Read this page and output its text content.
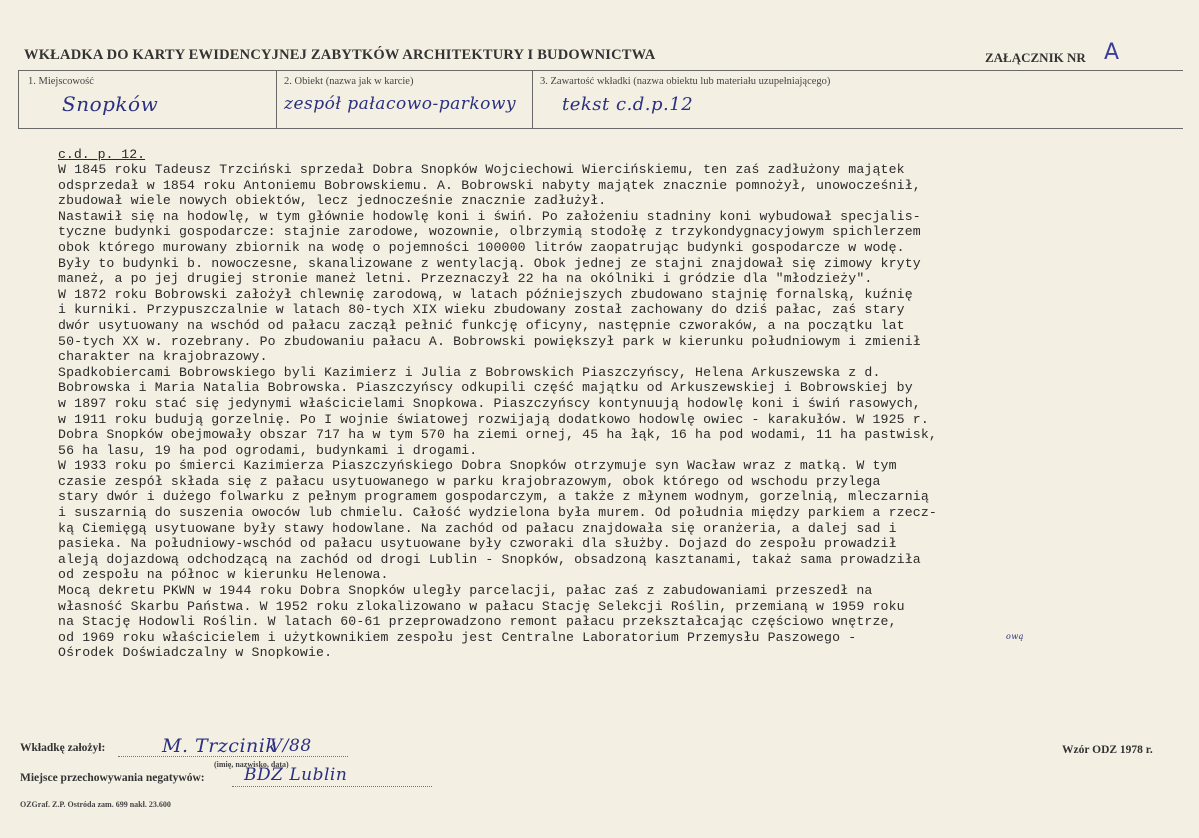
WKŁADKA DO KARTY EWIDENCYJNEJ ZABYTKÓW ARCHITEKTURY I BUDOWNICTWA	ZAŁĄCZNIK NR A
1. Miejscowość
Snopków
2. Obiekt (nazwa jak w karcie)
zespół pałacowo-parkowy
3. Zawartość wkładki (nazwa obiektu lub materiału uzupełniającego)
tekst c.d.p.12
c.d. p. 12.
W 1845 roku Tadeusz Trzciński sprzedał Dobra Snopków Wojciechowi Wiercińskiemu, ten zaś zadłużony majątek
odsprzedał w 1854 roku Antoniemu Bobrowskiemu. A. Bobrowski nabyty majątek znacznie pomnożył, unowocześnił,
zbudował wiele nowych obiektów, lecz jednocześnie znacznie zadłużył.
Nastawił się na hodowlę, w tym głównie hodowlę koni i świń. Po założeniu stadniny koni wybudował specjalis-
tyczne budynki gospodarcze: stajnie zarodowe, wozownie, olbrzymią stodołę z trzykondygnacyjowym spichlerzem
obok którego murowany zbiornik na wodę o pojemności 100000 litrów zaopatrując budynki gospodarcze w wodę.
Były to budynki b. nowoczesne, skanalizowane z wentylacją. Obok jednej ze stajni znajdował się zimowy kryty
maneż, a po jej drugiej stronie maneż letni. Przeznaczył 22 ha na okólniki i gródzie dla "młodzieży".
W 1872 roku Bobrowski założył chlewnię zarodową, w latach późniejszych zbudowano stajnię fornalską, kuźnię
i kurniki. Przypuszczalnie w latach 80-tych XIX wieku zbudowany został zachowany do dziś pałac, zaś stary
dwór usytuowany na wschód od pałacu zaczął pełnić funkcję oficyny, następnie czworaków, a na początku lat
50-tych XX w. rozebrany. Po zbudowaniu pałacu A. Bobrowski powiększył park w kierunku południowym i zmienił
charakter na krajobrazowy.
Spadkobiercami Bobrowskiego byli Kazimierz i Julia z Bobrowskich Piaszczyńscy, Helena Arkuszewska z d.
Bobrowska i Maria Natalia Bobrowska. Piaszczyńscy odkupili część majątku od Arkuszewskiej i Bobrowskiej by
w 1897 roku stać się jedynymi właścicielami Snopkowa. Piaszczyńscy kontynuują hodowlę koni i świń rasowych,
w 1911 roku budują gorzelnię. Po I wojnie światowej rozwijają dodatkowo hodowlę owiec - karakułów. W 1925 r.
Dobra Snopków obejmowały obszar 717 ha w tym 570 ha ziemi ornej, 45 ha łąk, 16 ha pod wodami, 11 ha pastwisk,
56 ha lasu, 19 ha pod ogrodami, budynkami i drogami.
W 1933 roku po śmierci Kazimierza Piaszczyńskiego Dobra Snopków otrzymuje syn Wacław wraz z matką. W tym
czasie zespół składa się z pałacu usytuowanego w parku krajobrazowym, obok którego od wschodu przylega
stary dwór i dużego folwarku z pełnym programem gospodarczym, a także z młynem wodnym, gorzelnią, mleczarnią
i suszarnią do suszenia owoców lub chmielu. Całość wydzielona była murem. Od południa między parkiem a rzecz-
ką Ciemięgą usytuowane były stawy hodowlane. Na zachód od pałacu znajdowała się oranżeria, a dalej sad i
pasieka. Na południowy-wschód od pałacu usytuowane były czworaki dla służby. Dojazd do zespołu prowadził
aleją dojazdową odchodzącą na zachód od drogi Lublin - Snopków, obsadzoną kasztanami, takaż sama prowadziła
od zespołu na północ w kierunku Helenowa.
Mocą dekretu PKWN w 1944 roku Dobra Snopków uległy parcelacji, pałac zaś z zabudowaniami przeszedł na
własność Skarbu Państwa. W 1952 roku zlokalizowano w pałacu Stację Selekcji Roślin, przemianą w 1959 roku
na Stację Hodowli Roślin. W latach 60-61 przeprowadzono remont pałacu przekształcając częściowo wnętrze,
od 1969 roku właścicielem i użytkownikiem zespołu jest Centralne Laboratorium Przemysłu Paszowego -
Ośrodek Doświadczalny w Snopkowie.
ową
Wkładkę założył:	M. Trzcinik
V/88
(imię, nazwisko, data)
Wzór ODZ 1978 r.
Miejsce przechowywania negatywów: BDZ Lublin
OZGraf. Z.P. Ostróda zam. 699 nakł. 23.600
